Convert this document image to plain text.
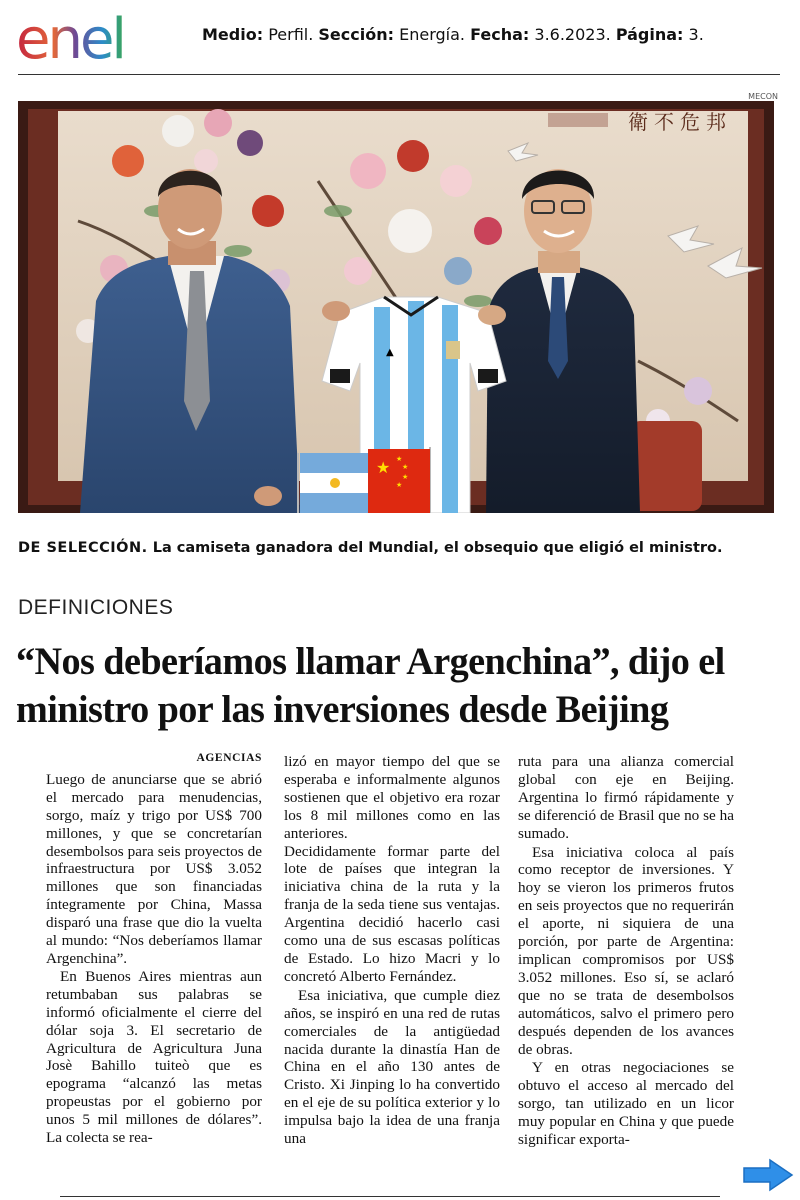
enel	Medio: Perfil. Sección: Energía. Fecha: 3.6.2023. Página: 3.
MECON
衛 不 危 邦
▲
★ ★
★
★
★
DE SELECCIÓN. La camiseta ganadora del Mundial, el obsequio que eligió el ministro.
DEFINICIONES
“Nos deberíamos llamar Argenchina”, dijo el ministro por las inversiones desde Beijing
AGENCIAS

Luego de anunciarse que se abrió el mercado para menudencias, sorgo, maíz y trigo por US$ 700 millones, y que se concretarían desembolsos para seis proyectos de infraestructura por US$ 3.052 millones que son financiadas íntegramente por China, Massa disparó una frase que dio la vuelta al mundo: “Nos deberíamos llamar Argenchina”.

En Buenos Aires mientras aun retumbaban sus palabras se informó oficialmente el cierre del dólar soja 3. El secretario de Agricultura de Agricultura Juna Josè Bahillo tuiteò que es epograma “alcanzó las metas propeustas por el gobierno por unos 5 mil millones de dólares”. La colecta se rea-

lizó en mayor tiempo del que se esperaba e informalmente algunos sostienen que el objetivo era rozar los 8 mil millones como en las anteriores.

Decididamente formar parte del lote de países que integran la iniciativa china de la ruta y la franja de la seda tiene sus ventajas. Argentina decidió hacerlo casi como una de sus escasas políticas de Estado. Lo hizo Macri y lo concretó Alberto Fernández.

Esa iniciativa, que cumple diez años, se inspiró en una red de rutas comerciales de la antigüedad nacida durante la dinastía Han de China en el año 130 antes de Cristo. Xi Jinping lo ha convertido en el eje de su política exterior y lo impulsa bajo la idea de una franja una

ruta para una alianza comercial global con eje en Beijing. Argentina lo firmó rápidamente y se diferenció de Brasil que no se ha sumado.

Esa iniciativa coloca al país como receptor de inversiones. Y hoy se vieron los primeros frutos en seis proyectos que no requerirán el aporte, ni siquiera de una porción, por parte de Argentina: implican compromisos por US$ 3.052 millones. Eso sí, se aclaró que no se trata de desembolsos automáticos, salvo el primero pero después dependen de los avances de obras.

Y en otras negociaciones se obtuvo el acceso al mercado del sorgo, tan utilizado en un licor muy popular en China y que puede significar exporta-
